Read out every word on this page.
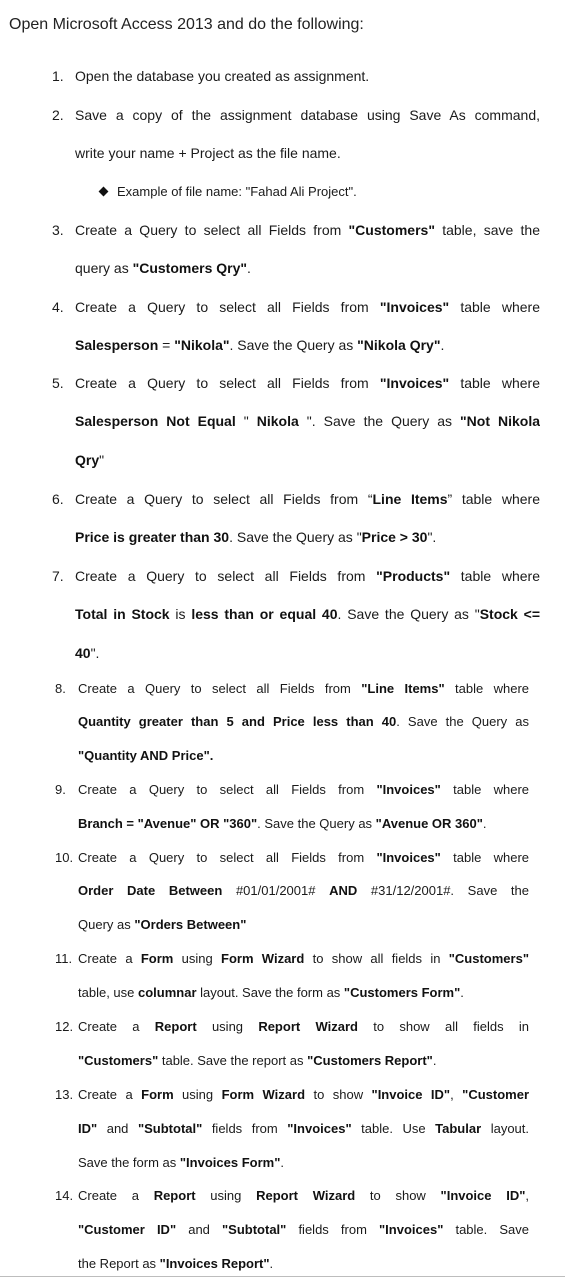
Open Microsoft Access 2013 and do the following:
Example of file name: "Fahad Ali Project".
1. Open the database you created as assignment.
2. Save a copy of the assignment database using Save As command,
write your name + Project as the file name.
3. Create a Query to select all Fields from "Customers" table, save the
query as "Customers Qry".
4. Create a Query to select all Fields from "Invoices" table where
Salesperson = "Nikola". Save the Query as "Nikola Qry".
5. Create a Query to select all Fields from "Invoices" table where
Salesperson Not Equal " Nikola ". Save the Query as "Not Nikola
Qry"
6. Create a Query to select all Fields from “Line Items” table where
Price is greater than 30. Save the Query as "Price > 30".
7. Create a Query to select all Fields from "Products" table where
Total in Stock is less than or equal 40. Save the Query as "Stock <=
40".
8. Create a Query to select all Fields from "Line Items" table where
Quantity greater than 5 and Price less than 40. Save the Query as
"Quantity AND Price".
9. Create a Query to select all Fields from "Invoices" table where
Branch = "Avenue" OR "360". Save the Query as "Avenue OR 360".
10. Create a Query to select all Fields from "Invoices" table where
Order Date Between #01/01/2001# AND #31/12/2001#. Save the
Query as "Orders Between"
11. Create a Form using Form Wizard to show all fields in "Customers"
table, use columnar layout. Save the form as "Customers Form".
12. Create a Report using Report Wizard to show all fields in
"Customers" table. Save the report as "Customers Report".
13. Create a Form using Form Wizard to show "Invoice ID", "Customer
ID" and "Subtotal" fields from "Invoices" table. Use Tabular layout.
Save the form as "Invoices Form".
14. Create a Report using Report Wizard to show "Invoice ID",
"Customer ID" and "Subtotal" fields from "Invoices" table. Save
the Report as "Invoices Report".
